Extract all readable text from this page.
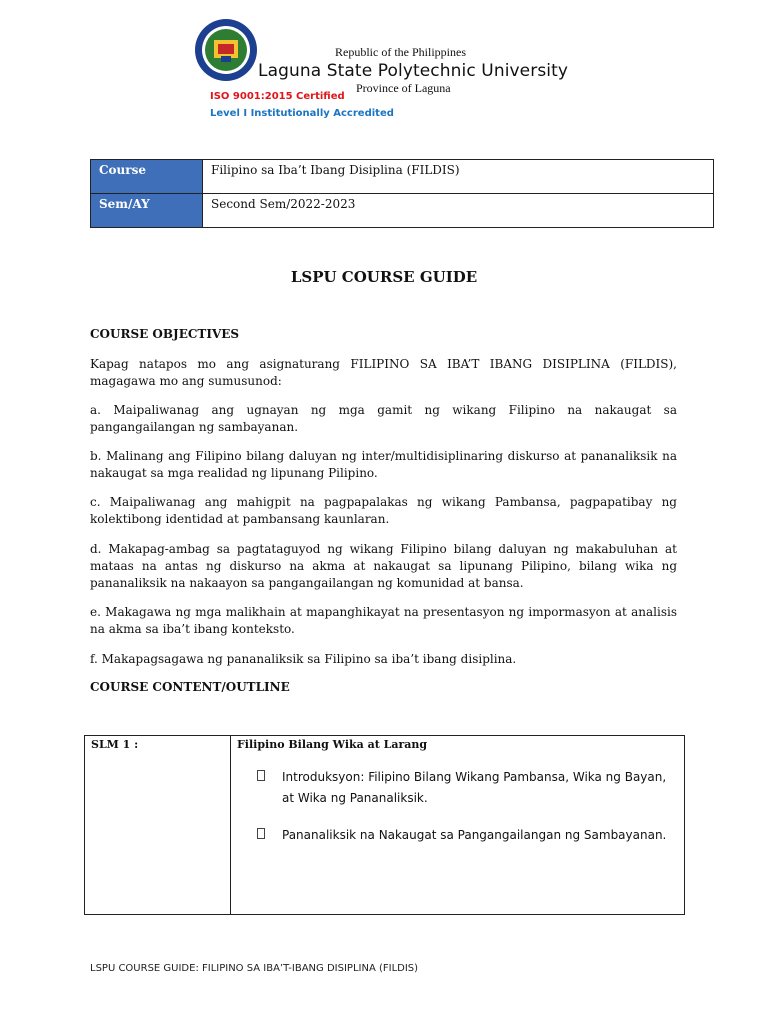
Republic of the Philippines
Laguna State Polytechnic University
Province of Laguna
ISO 9001:2015 Certified
Level I Institutionally Accredited
Course	Filipino sa Iba’t Ibang Disiplina (FILDIS)
Sem/AY	Second Sem/2022-2023
LSPU COURSE GUIDE
COURSE OBJECTIVES

Kapag natapos mo ang asignaturang FILIPINO SA IBA’T IBANG DISIPLINA (FILDIS), magagawa mo ang sumusunod:

a. Maipaliwanag ang ugnayan ng mga gamit ng wikang Filipino na nakaugat sa pangangailangan ng sambayanan.

b. Malinang ang Filipino bilang daluyan ng inter/multidisiplinaring diskurso at pananaliksik na nakaugat sa mga realidad ng lipunang Pilipino.

c. Maipaliwanag ang mahigpit na pagpapalakas ng wikang Pambansa, pagpapatibay ng kolektibong identidad at pambansang kaunlaran.

d. Makapag-ambag sa pagtataguyod ng wikang Filipino bilang daluyan ng makabuluhan at mataas na antas ng diskurso na akma at nakaugat sa lipunang Pilipino, bilang wika ng pananaliksik na nakaayon sa pangangailangan ng komunidad at bansa.

e. Makagawa ng mga malikhain at mapanghikayat na presentasyon ng impormasyon at analisis na akma sa iba’t ibang konteksto.

f. Makapagsagawa ng pananaliksik sa Filipino sa iba’t ibang disiplina.

COURSE CONTENT/OUTLINE
SLM 1 :	Filipino Bilang Wika at Larang
Introduksyon: Filipino Bilang Wikang Pambansa, Wika ng Bayan, at Wika ng Pananaliksik.
Pananaliksik na Nakaugat sa Pangangailangan ng Sambayanan.
LSPU COURSE GUIDE: FILIPINO SA IBA’T-IBANG DISIPLINA (FILDIS)
